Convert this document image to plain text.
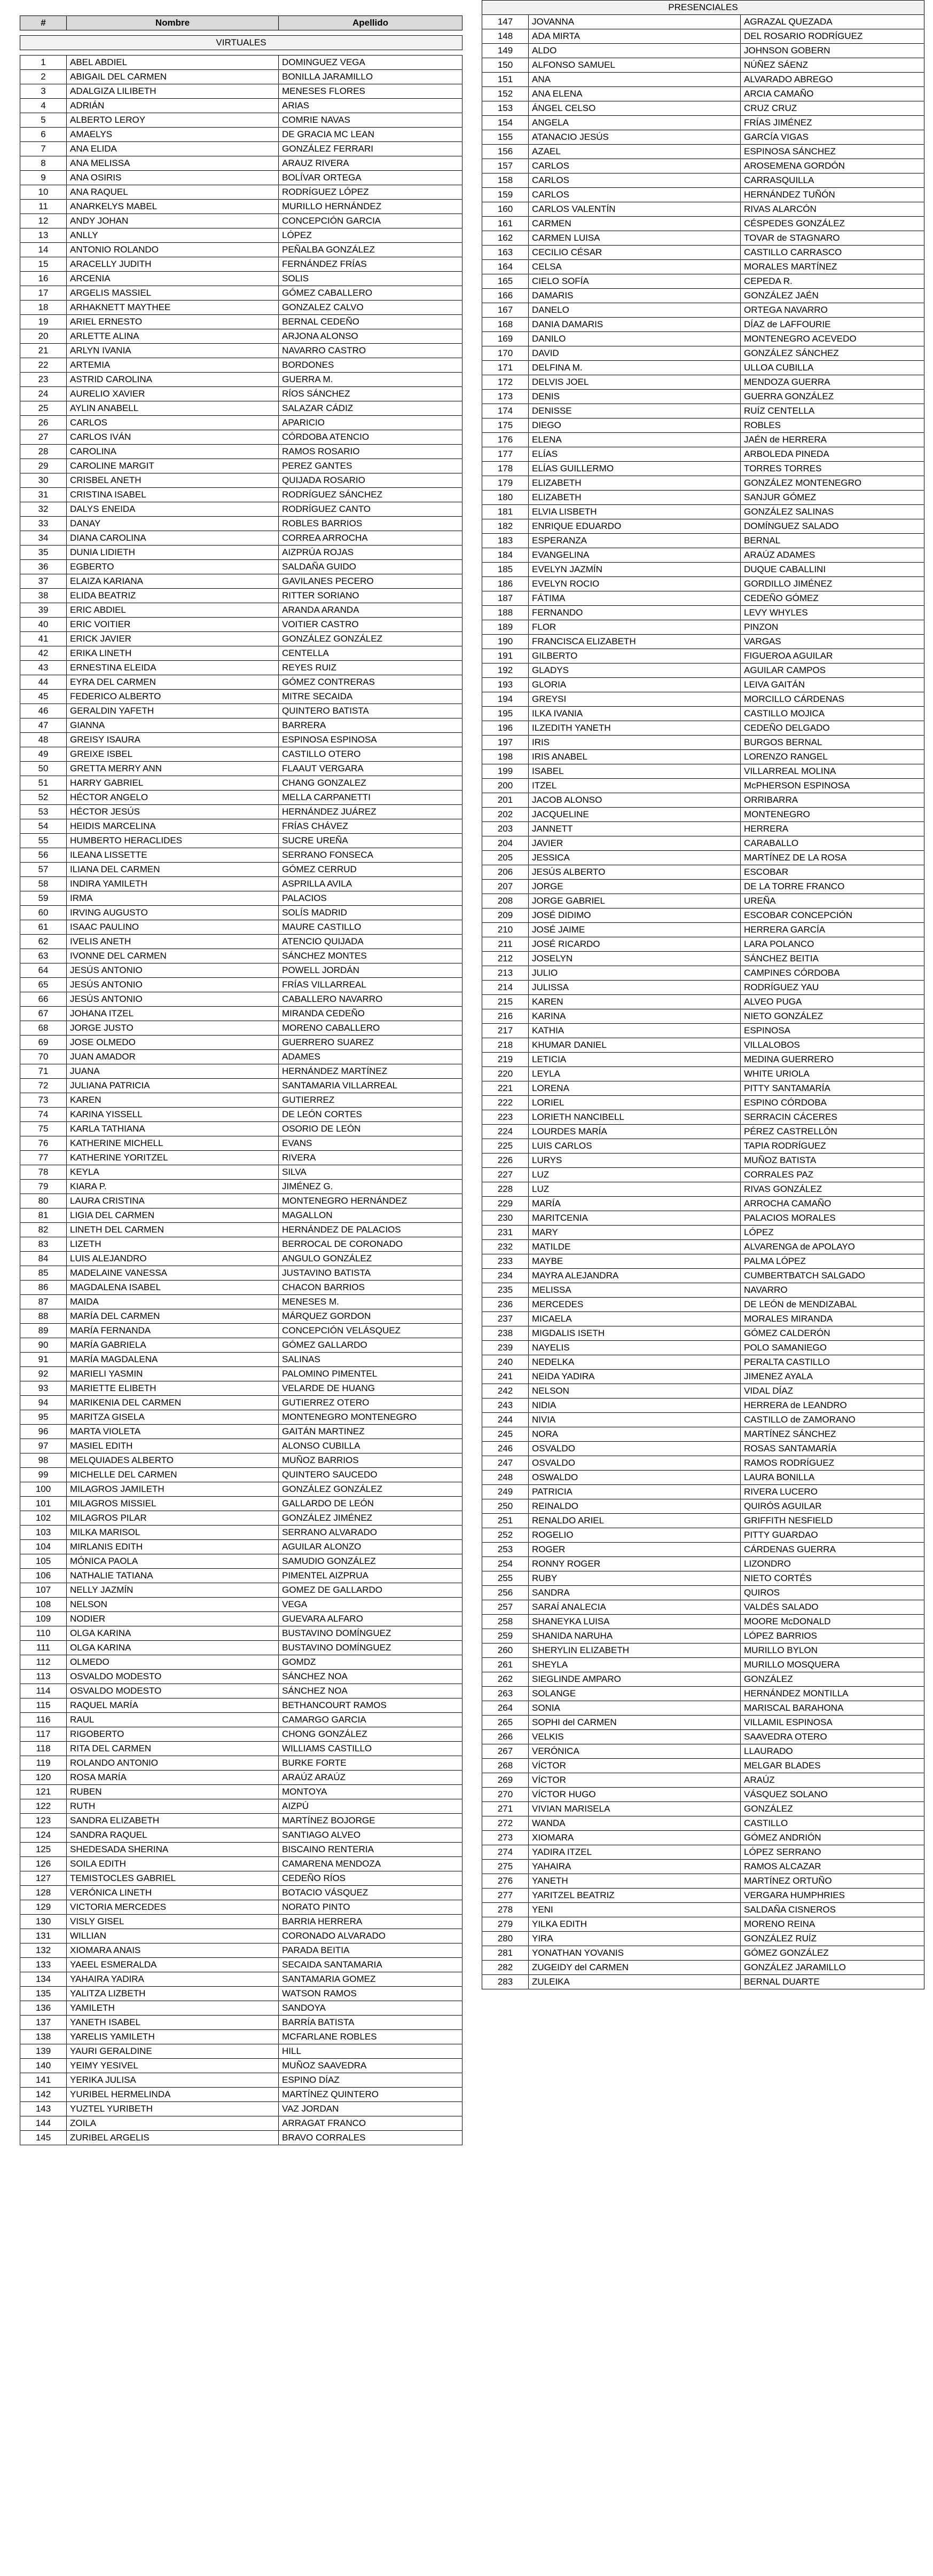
#	Nombre	Apellido

VIRTUALES		

1	ABEL ABDIEL	DOMINGUEZ VEGA
2	ABIGAIL DEL CARMEN	BONILLA JARAMILLO
3	ADALGIZA LILIBETH	MENESES FLORES
4	ADRIÁN	ARIAS
5	ALBERTO LEROY	COMRIE NAVAS
6	AMAELYS	DE GRACIA MC LEAN
7	ANA ELIDA	GONZÁLEZ FERRARI
8	ANA MELISSA	ARAUZ RIVERA
9	ANA OSIRIS	BOLÍVAR ORTEGA
10	ANA RAQUEL	RODRÍGUEZ LÓPEZ
11	ANARKELYS MABEL	MURILLO HERNÁNDEZ
12	ANDY JOHAN	CONCEPCIÓN GARCIA
13	ANLLY	LÓPEZ
14	ANTONIO ROLANDO	PEÑALBA GONZÁLEZ
15	ARACELLY JUDITH	FERNÁNDEZ FRÍAS
16	ARCENIA	SOLIS
17	ARGELIS MASSIEL	GÓMEZ CABALLERO
18	ARHAKNETT MAYTHEE	GONZALEZ CALVO
19	ARIEL ERNESTO	BERNAL CEDEÑO
20	ARLETTE ALINA	ARJONA ALONSO
21	ARLYN IVANIA	NAVARRO CASTRO
22	ARTEMIA	BORDONES
23	ASTRID CAROLINA	GUERRA M.
24	AURELIO XAVIER	RÍOS SÁNCHEZ
25	AYLIN ANABELL	SALAZAR CÁDIZ
26	CARLOS	APARICIO
27	CARLOS IVÁN	CÓRDOBA ATENCIO
28	CAROLINA	RAMOS ROSARIO
29	CAROLINE MARGIT	PEREZ GANTES
30	CRISBEL ANETH	QUIJADA ROSARIO
31	CRISTINA ISABEL	RODRÍGUEZ SÁNCHEZ
32	DALYS ENEIDA	RODRÍGUEZ CANTO
33	DANAY	ROBLES BARRIOS
34	DIANA CAROLINA	CORREA ARROCHA
35	DUNIA LIDIETH	AIZPRÚA ROJAS
36	EGBERTO	SALDAÑA GUIDO
37	ELAIZA KARIANA	GAVILANES PECERO
38	ELIDA BEATRIZ	RITTER SORIANO
39	ERIC ABDIEL	ARANDA ARANDA
40	ERIC VOITIER	VOITIER CASTRO
41	ERICK JAVIER	GONZÁLEZ GONZÁLEZ
42	ERIKA LINETH	CENTELLA
43	ERNESTINA ELEIDA	REYES RUIZ
44	EYRA DEL CARMEN	GÓMEZ CONTRERAS
45	FEDERICO ALBERTO	MITRE SECAIDA
46	GERALDIN YAFETH	QUINTERO BATISTA
47	GIANNA	BARRERA
48	GREISY ISAURA	ESPINOSA ESPINOSA
49	GREIXE ISBEL	CASTILLO OTERO
50	GRETTA MERRY ANN	FLAAUT VERGARA
51	HARRY GABRIEL	CHANG GONZALEZ
52	HÉCTOR ANGELO	MELLA CARPANETTI
53	HÉCTOR JESÚS	HERNÁNDEZ JUÁREZ
54	HEIDIS MARCELINA	FRÍAS CHÁVEZ
55	HUMBERTO HERACLIDES	SUCRE UREÑA
56	ILEANA LISSETTE	SERRANO FONSECA
57	ILIANA DEL CARMEN	GÓMEZ CERRUD
58	INDIRA YAMILETH	ASPRILLA AVILA
59	IRMA	PALACIOS
60	IRVING AUGUSTO	SOLÍS MADRID
61	ISAAC PAULINO	MAURE CASTILLO
62	IVELIS ANETH	ATENCIO QUIJADA
63	IVONNE DEL CARMEN	SÁNCHEZ MONTES
64	JESÚS ANTONIO	POWELL JORDÁN
65	JESÚS ANTONIO	FRÍAS VILLARREAL
66	JESÚS ANTONIO	CABALLERO NAVARRO
67	JOHANA ITZEL	MIRANDA CEDEÑO
68	JORGE JUSTO	MORENO CABALLERO
69	JOSE OLMEDO	GUERRERO SUAREZ
70	JUAN AMADOR	ADAMES
71	JUANA	HERNÁNDEZ MARTÍNEZ
72	JULIANA PATRICIA	SANTAMARIA VILLARREAL
73	KAREN	GUTIERREZ
74	KARINA YISSELL	DE LEÓN CORTES
75	KARLA TATHIANA	OSORIO DE LEÓN
76	KATHERINE MICHELL	EVANS
77	KATHERINE YORITZEL	RIVERA
78	KEYLA	SILVA
79	KIARA P.	JIMÉNEZ G.
80	LAURA CRISTINA	MONTENEGRO HERNÁNDEZ
81	LIGIA DEL CARMEN	MAGALLON
82	LINETH DEL CARMEN	HERNÁNDEZ DE PALACIOS
83	LIZETH	BERROCAL DE CORONADO
84	LUIS ALEJANDRO	ANGULO GONZÁLEZ
85	MADELAINE VANESSA	JUSTAVINO BATISTA
86	MAGDALENA ISABEL	CHACON BARRIOS
87	MAIDA	MENESES M.
88	MARÍA DEL CARMEN	MÁRQUEZ GORDON
89	MARÍA FERNANDA	CONCEPCIÓN VELÁSQUEZ
90	MARÍA GABRIELA	GÓMEZ GALLARDO
91	MARÍA MAGDALENA	SALINAS
92	MARIELI YASMIN	PALOMINO PIMENTEL
93	MARIETTE ELIBETH	VELARDE DE HUANG
94	MARIKENIA DEL CARMEN	GUTIERREZ OTERO
95	MARITZA GISELA	MONTENEGRO MONTENEGRO
96	MARTA VIOLETA	GAITÁN MARTINEZ
97	MASIEL EDITH	ALONSO CUBILLA
98	MELQUIADES ALBERTO	MUÑOZ BARRIOS
99	MICHELLE DEL CARMEN	QUINTERO SAUCEDO
100	MILAGROS JAMILETH	GONZÁLEZ GONZÁLEZ
101	MILAGROS MISSIEL	GALLARDO DE LEÓN
102	MILAGROS PILAR	GONZÁLEZ JIMÉNEZ
103	MILKA MARISOL	SERRANO ALVARADO
104	MIRLANIS EDITH	AGUILAR ALONZO
105	MÓNICA PAOLA	SAMUDIO GONZÁLEZ
106	NATHALIE TATIANA	PIMENTEL AIZPRUA
107	NELLY JAZMÍN	GOMEZ DE GALLARDO
108	NELSON	VEGA
109	NODIER	GUEVARA ALFARO
110	OLGA KARINA	BUSTAVINO DOMÍNGUEZ
111	OLGA KARINA	BUSTAVINO DOMÍNGUEZ
112	OLMEDO	GOMDZ
113	OSVALDO MODESTO	SÁNCHEZ NOA
114	OSVALDO MODESTO	SÁNCHEZ NOA
115	RAQUEL MARÍA	BETHANCOURT RAMOS
116	RAUL	CAMARGO GARCIA
117	RIGOBERTO	CHONG GONZÁLEZ
118	RITA DEL CARMEN	WILLIAMS CASTILLO
119	ROLANDO ANTONIO	BURKE FORTE
120	ROSA MARÍA	ARAÚZ ARAÚZ
121	RUBEN	MONTOYA
122	RUTH	AIZPÚ
123	SANDRA ELIZABETH	MARTÍNEZ BOJORGE
124	SANDRA RAQUEL	SANTIAGO ALVEO
125	SHEDESADA SHERINA	BISCAINO RENTERIA
126	SOILA EDITH	CAMARENA MENDOZA
127	TEMISTOCLES GABRIEL	CEDEÑO RÍOS
128	VERÓNICA LINETH	BOTACIO VÁSQUEZ
129	VICTORIA MERCEDES	NORATO PINTO
130	VISLY GISEL	BARRIA HERRERA
131	WILLIAN	CORONADO ALVARADO
132	XIOMARA ANAIS	PARADA BEITIA
133	YAEEL ESMERALDA	SECAIDA SANTAMARIA
134	YAHAIRA YADIRA	SANTAMARIA GOMEZ
135	YALITZA LIZBETH	WATSON RAMOS
136	YAMILETH	SANDOYA
137	YANETH ISABEL	BARRÍA BATISTA
138	YARELIS YAMILETH	MCFARLANE ROBLES
139	YAURI GERALDINE	HILL
140	YEIMY YESIVEL	MUÑOZ SAAVEDRA
141	YERIKA JULISA	ESPINO DÍAZ
142	YURIBEL HERMELINDA	MARTÍNEZ QUINTERO
143	YUZTEL YURIBETH	VAZ JORDAN
144	ZOILA	ARRAGAT FRANCO
145	ZURIBEL ARGELIS	BRAVO CORRALES
PRESENCIALES		
147	JOVANNA	AGRAZAL QUEZADA
148	ADA MIRTA	DEL ROSARIO RODRÍGUEZ
149	ALDO	JOHNSON GOBERN
150	ALFONSO SAMUEL	NÚÑEZ SÁENZ
151	ANA	ALVARADO ABREGO
152	ANA ELENA	ARCIA CAMAÑO
153	ÁNGEL CELSO	CRUZ CRUZ
154	ANGELA	FRÍAS JIMÉNEZ
155	ATANACIO JESÚS	GARCÍA VIGAS
156	AZAEL	ESPINOSA SÁNCHEZ
157	CARLOS	AROSEMENA GORDÓN
158	CARLOS	CARRASQUILLA
159	CARLOS	HERNÁNDEZ TUÑÓN
160	CARLOS VALENTÍN	RIVAS ALARCÓN
161	CARMEN	CÉSPEDES GONZÁLEZ
162	CARMEN LUISA	TOVAR de STAGNARO
163	CECILIO CÉSAR	CASTILLO CARRASCO
164	CELSA	MORALES MARTÍNEZ
165	CIELO SOFÍA	CEPEDA R.
166	DAMARIS	GONZÁLEZ JAÉN
167	DANELO	ORTEGA NAVARRO
168	DANIA DAMARIS	DÍAZ de LAFFOURIE
169	DANILO	MONTENEGRO ACEVEDO
170	DAVID	GONZÁLEZ SÁNCHEZ
171	DELFINA M.	ULLOA CUBILLA
172	DELVIS JOEL	MENDOZA GUERRA
173	DENIS	GUERRA GONZÁLEZ
174	DENISSE	RUÍZ CENTELLA
175	DIEGO	ROBLES
176	ELENA	JAÉN de HERRERA
177	ELÍAS	ARBOLEDA PINEDA
178	ELÍAS GUILLERMO	TORRES TORRES
179	ELIZABETH	GONZÁLEZ MONTENEGRO
180	ELIZABETH	SANJUR GÓMEZ
181	ELVIA LISBETH	GONZÁLEZ SALINAS
182	ENRIQUE EDUARDO	DOMÍNGUEZ SALADO
183	ESPERANZA	BERNAL
184	EVANGELINA	ARAÚZ ADAMES
185	EVELYN JAZMÍN	DUQUE CABALLINI
186	EVELYN ROCIO	GORDILLO JIMÉNEZ
187	FÁTIMA	CEDEÑO GÓMEZ
188	FERNANDO	LEVY WHYLES
189	FLOR	PINZON
190	FRANCISCA ELIZABETH	VARGAS
191	GILBERTO	FIGUEROA AGUILAR
192	GLADYS	AGUILAR CAMPOS
193	GLORIA	LEIVA GAITÁN
194	GREYSI	MORCILLO CÁRDENAS
195	ILKA IVANIA	CASTILLO MOJICA
196	ILZEDITH YANETH	CEDEÑO DELGADO
197	IRIS	BURGOS BERNAL
198	IRIS ANABEL	LORENZO RANGEL
199	ISABEL	VILLARREAL MOLINA
200	ITZEL	McPHERSON ESPINOSA
201	JACOB ALONSO	ORRIBARRA
202	JACQUELINE	MONTENEGRO
203	JANNETT	HERRERA
204	JAVIER	CARABALLO
205	JESSICA	MARTÍNEZ DE LA ROSA
206	JESÚS ALBERTO	ESCOBAR
207	JORGE	DE LA TORRE FRANCO
208	JORGE GABRIEL	UREÑA
209	JOSÉ DIDIMO	ESCOBAR CONCEPCIÓN
210	JOSÉ JAIME	HERRERA GARCÍA
211	JOSÉ RICARDO	LARA POLANCO
212	JOSELYN	SÁNCHEZ BEITIA
213	JULIO	CAMPINES CÓRDOBA
214	JULISSA	RODRÍGUEZ YAU
215	KAREN	ALVEO PUGA
216	KARINA	NIETO GONZÁLEZ
217	KATHIA	ESPINOSA
218	KHUMAR DANIEL	VILLALOBOS
219	LETICIA	MEDINA GUERRERO
220	LEYLA	WHITE URIOLA
221	LORENA	PITTY SANTAMARÍA
222	LORIEL	ESPINO CÓRDOBA
223	LORIETH NANCIBELL	SERRACIN CÁCERES
224	LOURDES MARÍA	PÉREZ CASTRELLÓN
225	LUIS CARLOS	TAPIA RODRÍGUEZ
226	LURYS	MUÑOZ BATISTA
227	LUZ	CORRALES PAZ
228	LUZ	RIVAS GONZÁLEZ
229	MARÍA	ARROCHA CAMAÑO
230	MARITCENIA	PALACIOS MORALES
231	MARY	LÓPEZ
232	MATILDE	ALVARENGA de APOLAYO
233	MAYBE	PALMA LÓPEZ
234	MAYRA ALEJANDRA	CUMBERTBATCH SALGADO
235	MELISSA	NAVARRO
236	MERCEDES	DE LEÓN de MENDIZABAL
237	MICAELA	MORALES MIRANDA
238	MIGDALIS ISETH	GÓMEZ CALDERÓN
239	NAYELIS	POLO SAMANIEGO
240	NEDELKA	PERALTA CASTILLO
241	NEIDA YADIRA	JIMENEZ AYALA
242	NELSON	VIDAL DÍAZ
243	NIDIA	HERRERA de LEANDRO
244	NIVIA	CASTILLO de ZAMORANO
245	NORA	MARTÍNEZ SÁNCHEZ
246	OSVALDO	ROSAS SANTAMARÍA
247	OSVALDO	RAMOS RODRÍGUEZ
248	OSWALDO	LAURA BONILLA
249	PATRICIA	RIVERA LUCERO
250	REINALDO	QUIRÓS AGUILAR
251	RENALDO ARIEL	GRIFFITH NESFIELD
252	ROGELIO	PITTY GUARDAO
253	ROGER	CÁRDENAS GUERRA
254	RONNY ROGER	LIZONDRO
255	RUBY	NIETO CORTÉS
256	SANDRA	QUIROS
257	SARAÍ ANALECIA	VALDÉS SALADO
258	SHANEYKA LUISA	MOORE McDONALD
259	SHANIDA NARUHA	LÓPEZ BARRIOS
260	SHERYLIN ELIZABETH	MURILLO BYLON
261	SHEYLA	MURILLO MOSQUERA
262	SIEGLINDE AMPARO	GONZÁLEZ
263	SOLANGE	HERNÁNDEZ MONTILLA
264	SONIA	MARISCAL BARAHONA
265	SOPHI del CARMEN	VILLAMIL ESPINOSA
266	VELKIS	SAAVEDRA OTERO
267	VERÓNICA	LLAURADO
268	VÍCTOR	MELGAR BLADES
269	VÍCTOR	ARAÚZ
270	VÍCTOR HUGO	VÁSQUEZ SOLANO
271	VIVIAN MARISELA	GONZÁLEZ
272	WANDA	CASTILLO
273	XIOMARA	GÓMEZ ANDRIÓN
274	YADIRA ITZEL	LÓPEZ SERRANO
275	YAHAIRA	RAMOS ALCAZAR
276	YANETH	MARTÍNEZ ORTUÑO
277	YARITZEL BEATRIZ	VERGARA HUMPHRIES
278	YENI	SALDAÑA CISNEROS
279	YILKA EDITH	MORENO REINA
280	YIRA	GONZÁLEZ RUÍZ
281	YONATHAN YOVANIS	GÓMEZ GONZÁLEZ
282	ZUGEIDY del CARMEN	GONZÁLEZ JARAMILLO
283	ZULEIKA	BERNAL DUARTE
